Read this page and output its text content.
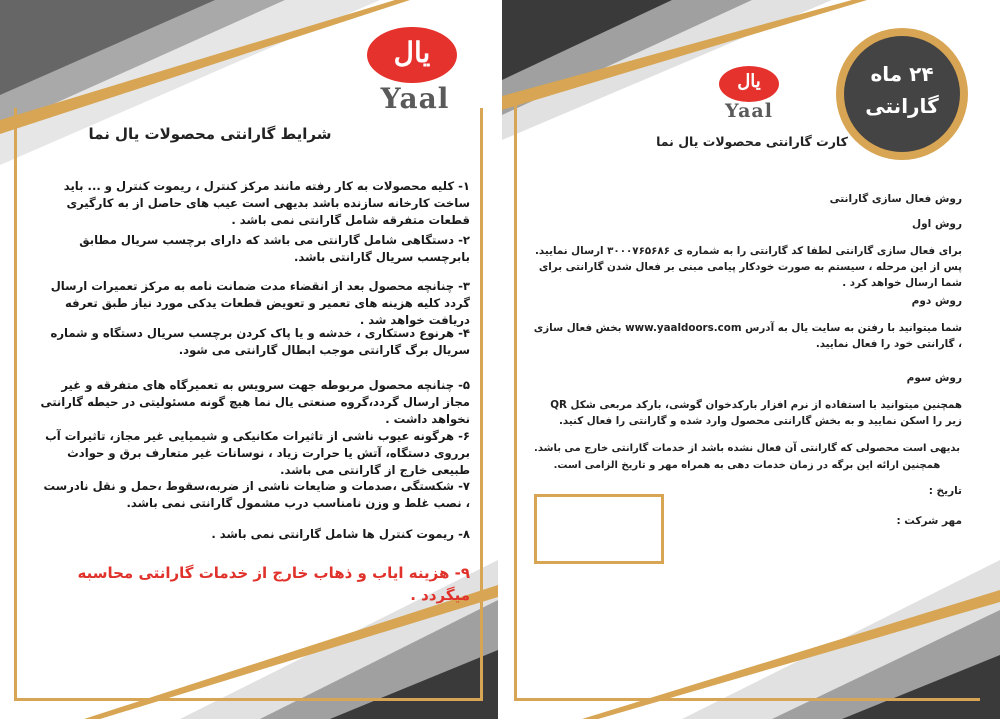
ﻳﺎﻝ
Yaal
شرایط گارانتی محصولات یال نما
۱- کلیه محصولات به کار رفته مانند مرکز کنترل ، ریموت کنترل و ... باید ساخت کارخانه سازنده باشد بدیهی است عیب های حاصل از به کارگیری قطعات متفرقه شامل گارانتی نمی باشد .
۲- دستگاهی شامل گارانتی می باشد که دارای برچسب سریال مطابق بابرچسب سریال گارانتی باشد.
۳- چنانچه محصول بعد از انقضاء مدت ضمانت نامه به مرکز تعمیرات ارسال گردد کلیه هزینه های تعمیر و تعویض قطعات یدکی مورد نیاز طبق تعرفه دریافت خواهد شد .
۴- هرنوع دستکاری ، خدشه و یا پاک کردن برچسب سریال دستگاه و شماره سریال برگ گارانتی موجب ابطال گارانتی می شود.
۵- چنانچه محصول مربوطه جهت سرویس به تعمیرگاه های متفرقه و غیر مجاز ارسال گردد،گروه صنعتی یال نما هیچ گونه مسئولیتی در حیطه گارانتی نخواهد داشت .
۶- هرگونه عیوب ناشی از تاثیرات مکانیکی و شیمیایی غیر مجاز، تاثیرات آب برروی دستگاه، آتش یا حرارت زیاد ، نوسانات غیر متعارف برق و حوادث طبیعی خارج از گارانتی می باشد.
۷- شکستگی ،صدمات و ضایعات ناشی از ضربه،سقوط ،حمل و نقل نادرست ، نصب غلط و وزن نامناسب درب مشمول گارانتی نمی باشد.
۸- ریموت کنترل ها شامل گارانتی نمی باشد .
۹- هزینه ایاب و ذهاب خارج از خدمات گارانتی محاسبه میگردد .
۲۴ ماه
گارانتی
ﻳﺎﻝ
Yaal
کارت گارانتی محصولات یال نما
روش فعال سازی گارانتی
روش اول
برای فعال سازی گارانتی لطفا کد گارانتی را به شماره ی ۳۰۰۰۷۶۵۶۸۶ ارسال نمایید. پس از این مرحله ، سیستم به صورت خودکار پیامی مبنی بر فعال شدن گارانتی برای شما ارسال خواهد کرد .
روش دوم
شما میتوانید با رفتن به سایت یال به آدرس www.yaaldoors.com بخش فعال سازی ، گارانتی خود را فعال نمایید.
روش سوم
همچنین میتوانید با استفاده از نرم افزار بارکدخوان گوشی، بارکد مربعی شکل QR زیر را اسکن نمایید و به بخش گارانتی محصول وارد شده و گارانتی را فعال کنید.
بدیهی است محصولی که گارانتی آن فعال نشده باشد از خدمات گارانتی خارج می باشد.
همچنین ارائه این برگه در زمان خدمات دهی به همراه مهر و تاریخ الزامی است.
تاریخ :
مهر شرکت :
